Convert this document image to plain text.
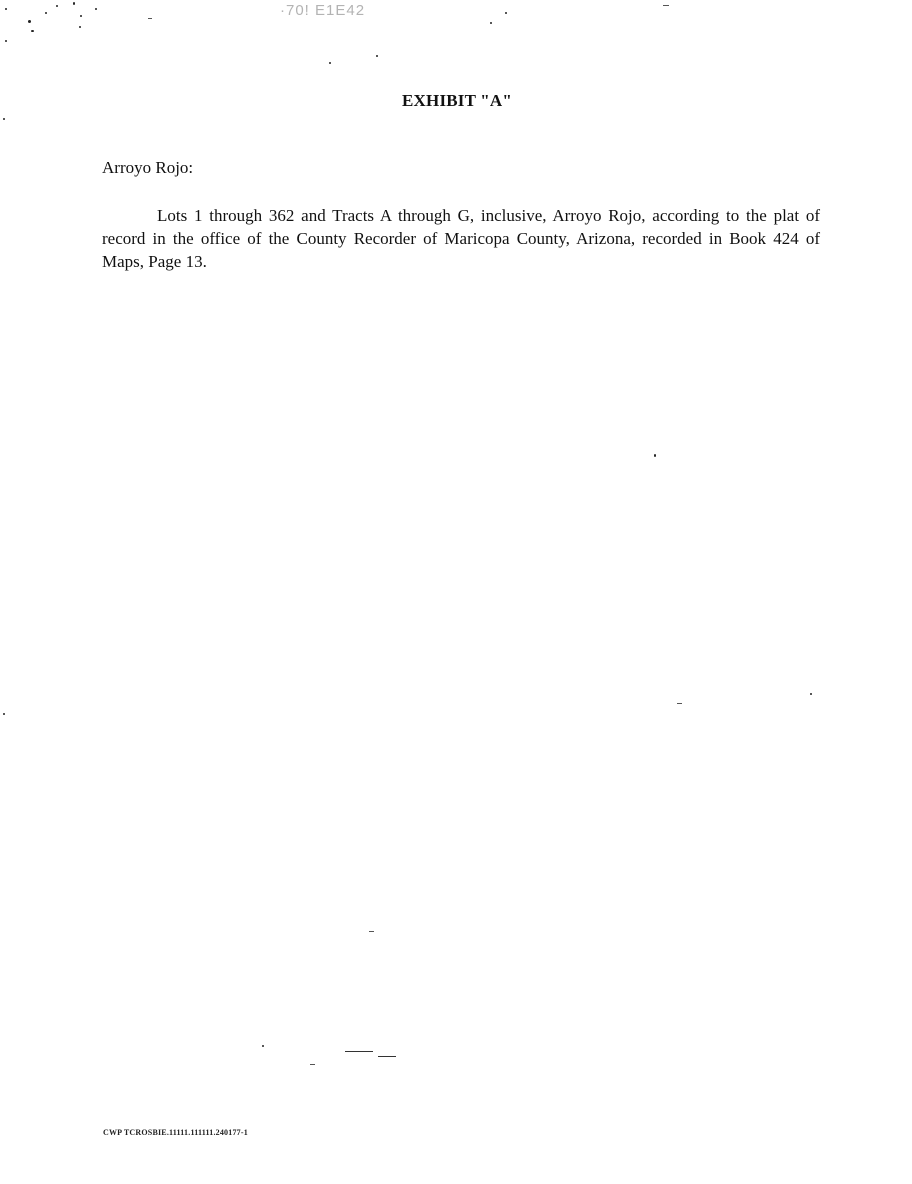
·70! E1E42
EXHIBIT "A"
Arroyo Rojo:

Lots 1 through 362 and Tracts A through G, inclusive, Arroyo Rojo, according to the plat of record in the office of the County Recorder of Maricopa County, Arizona, recorded in Book 424 of Maps, Page 13.

CWP TCROSBIE.11111.111111.240177-1
